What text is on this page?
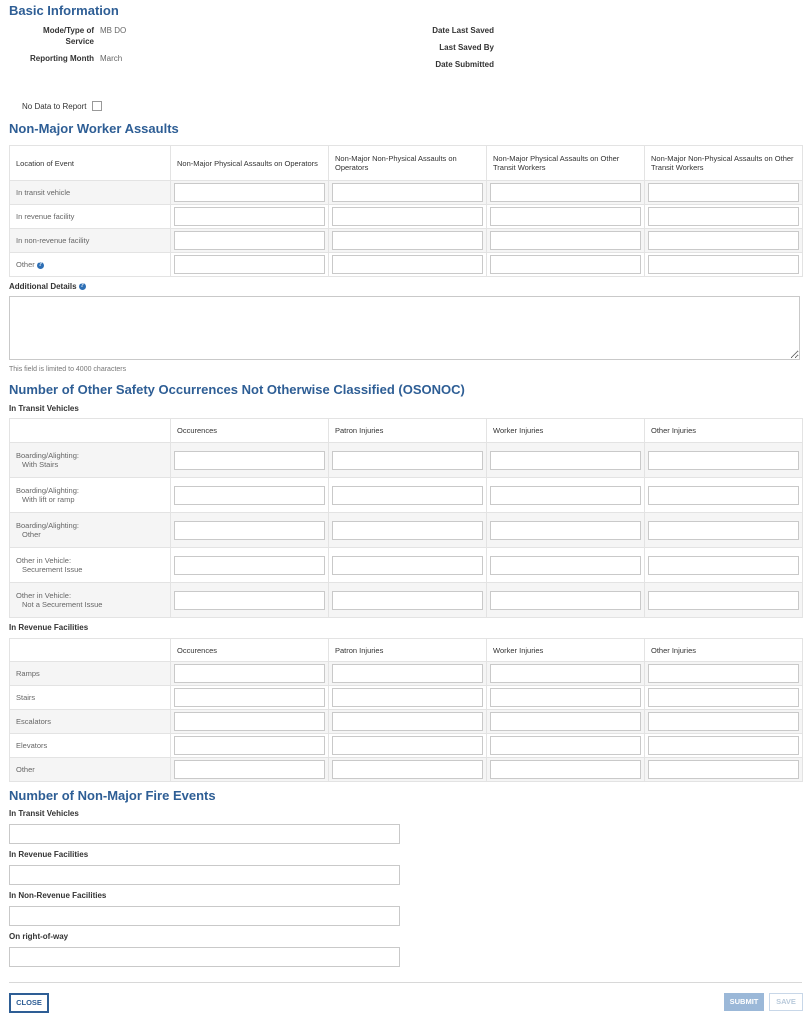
Basic Information
Mode/Type of
Service
MB DO
Reporting Month March
Date Last Saved
Last Saved By
Date Submitted
No Data to Report
Non-Major Worker Assaults
Location of Event	Non-Major Physical Assaults on Operators	Non-Major Non-Physical Assaults on Operators	Non-Major Physical Assaults on Other Transit Workers	Non-Major Non-Physical Assaults on Other Transit Workers
In transit vehicle	

In revenue facility	

In non-revenue facility	

Other ?	

Additional Details ?
This field is limited to 4000 characters
Number of Other Safety Occurrences Not Otherwise Classified (OSONOC)
In Transit Vehicles
	Occurences	Patron Injuries	Worker Injuries	Other Injuries

Boarding/Alighting:
With Stairs				

Boarding/Alighting:
With lift or ramp				

Boarding/Alighting:
Other				

Other in Vehicle:
Securement Issue				

Other in Vehicle:
Not a Securement Issue				

In Revenue Facilities
	Occurences	Patron Injuries	Worker Injuries	Other Injuries
Ramps	

Stairs	

Escalators	

Elevators	

Other	

Number of Non-Major Fire Events
In Transit Vehicles
In Revenue Facilities
In Non-Revenue Facilities
On right-of-way
CLOSE	SUBMIT	SAVE
